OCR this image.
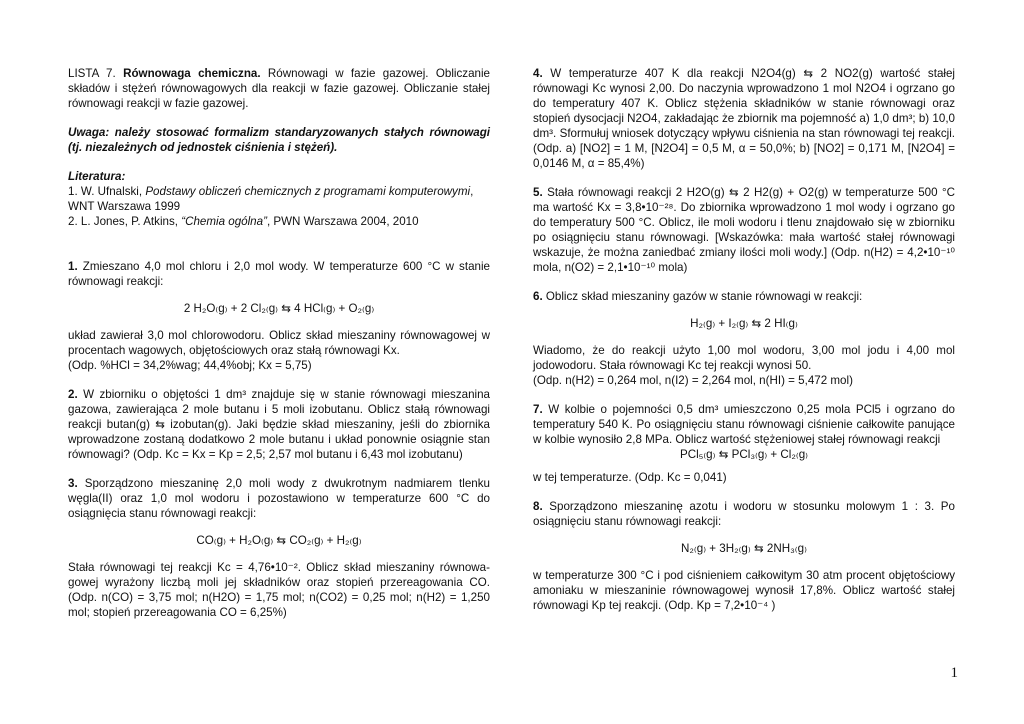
LISTA 7. Równowaga chemiczna. Równowagi w fazie gazowej. Obliczanie składów i stężeń równowagowych dla reakcji w fazie gazowej. Obliczanie stałej równowagi reakcji w fazie gazowej.

Uwaga: należy stosować formalizm standaryzowanych stałych równowagi (tj. niezależnych od jednostek ciśnienia i stężeń).

Literatura:

1. W. Ufnalski, Podstawy obliczeń chemicznych z programami komputerowymi, WNT Warszawa 1999

2. L. Jones, P. Atkins, “Chemia ogólna”, PWN Warszawa 2004, 2010

1. Zmieszano 4,0 mol chloru i 2,0 mol wody. W temperaturze 600 °C w stanie równowagi reakcji:

2 H₂O₍g₎ + 2 Cl₂₍g₎ ⇆ 4 HCl₍g₎ + O₂₍g₎

układ zawierał 3,0 mol chlorowodoru. Oblicz skład mieszaniny równowagowej w procentach wagowych, objętościowych oraz stałą równowagi Kx.

(Odp. %HCl = 34,2%wag; 44,4%obj; Kx = 5,75)

2. W zbiorniku o objętości 1 dm³ znajduje się w stanie równowagi mieszanina gazowa, zawierająca 2 mole butanu i 5 moli izobutanu. Oblicz stałą równowagi reakcji butan(g) ⇆ izobutan(g). Jaki będzie skład mieszaniny, jeśli do zbiornika wprowadzone zostaną dodatkowo 2 mole butanu i układ ponownie osiągnie stan równowagi? (Odp. Kc = Kx = Kp = 2,5; 2,57 mol butanu i 6,43 mol izobutanu)

3. Sporządzono mieszaninę 2,0 moli wody z dwukrotnym nadmiarem tlenku węgla(II) oraz 1,0 mol wodoru i pozostawiono w temperaturze 600 °C do osiągnięcia stanu równowagi reakcji:

CO₍g₎ + H₂O₍g₎ ⇆ CO₂₍g₎ + H₂₍g₎

Stała równowagi tej reakcji Kc = 4,76•10⁻². Oblicz skład mieszaniny równowa-gowej wyrażony liczbą moli jej składników oraz stopień przereagowania CO. (Odp. n(CO) = 3,75 mol; n(H2O) = 1,75 mol; n(CO2) = 0,25 mol; n(H2) = 1,250 mol; stopień przereagowania CO = 6,25%)

4. W temperaturze 407 K dla reakcji N2O4(g) ⇆ 2 NO2(g) wartość stałej równowagi Kc wynosi 2,00. Do naczynia wprowadzono 1 mol N2O4 i ogrzano go do temperatury 407 K. Oblicz stężenia składników w stanie równowagi oraz stopień dysocjacji N2O4, zakładając że zbiornik ma pojemność a) 1,0 dm³; b) 10,0 dm³. Sformułuj wniosek dotyczący wpływu ciśnienia na stan równowagi tej reakcji. (Odp. a) [NO2] = 1 M, [N2O4] = 0,5 M, α = 50,0%; b) [NO2] = 0,171 M, [N2O4] = 0,0146 M, α = 85,4%)

5. Stała równowagi reakcji 2 H2O(g) ⇆ 2 H2(g) + O2(g) w temperaturze 500 °C ma wartość Kx = 3,8•10⁻²⁸. Do zbiornika wprowadzono 1 mol wody i ogrzano go do temperatury 500 °C. Oblicz, ile moli wodoru i tlenu znajdowało się w zbiorniku po osiągnięciu stanu równowagi. [Wskazówka: mała wartość stałej równowagi wskazuje, że można zaniedbać zmiany ilości moli wody.] (Odp. n(H2) = 4,2•10⁻¹⁰ mola, n(O2) = 2,1•10⁻¹⁰ mola)

6. Oblicz skład mieszaniny gazów w stanie równowagi w reakcji:

H₂₍g₎ + I₂₍g₎ ⇆ 2 HI₍g₎

Wiadomo, że do reakcji użyto 1,00 mol wodoru, 3,00 mol jodu i 4,00 mol jodowodoru. Stała równowagi Kc tej reakcji wynosi 50.

(Odp. n(H2) = 0,264 mol, n(I2) = 2,264 mol, n(HI) = 5,472 mol)

7. W kolbie o pojemności 0,5 dm³ umieszczono 0,25 mola PCl5 i ogrzano do temperatury 540 K. Po osiągnięciu stanu równowagi ciśnienie całkowite panujące w kolbie wynosiło 2,8 MPa. Oblicz wartość stężeniowej stałej równowagi reakcji

PCl₅₍g₎ ⇆ PCl₃₍g₎ + Cl₂₍g₎

w tej temperaturze. (Odp. Kc = 0,041)

8. Sporządzono mieszaninę azotu i wodoru w stosunku molowym 1 : 3. Po osiągnięciu stanu równowagi reakcji:

N₂₍g₎ + 3H₂₍g₎ ⇆ 2NH₃₍g₎

w temperaturze 300 °C i pod ciśnieniem całkowitym 30 atm procent objętościowy amoniaku w mieszaninie równowagowej wynosił 17,8%. Oblicz wartość stałej równowagi Kp tej reakcji. (Odp. Kp = 7,2•10⁻⁴ )

1
